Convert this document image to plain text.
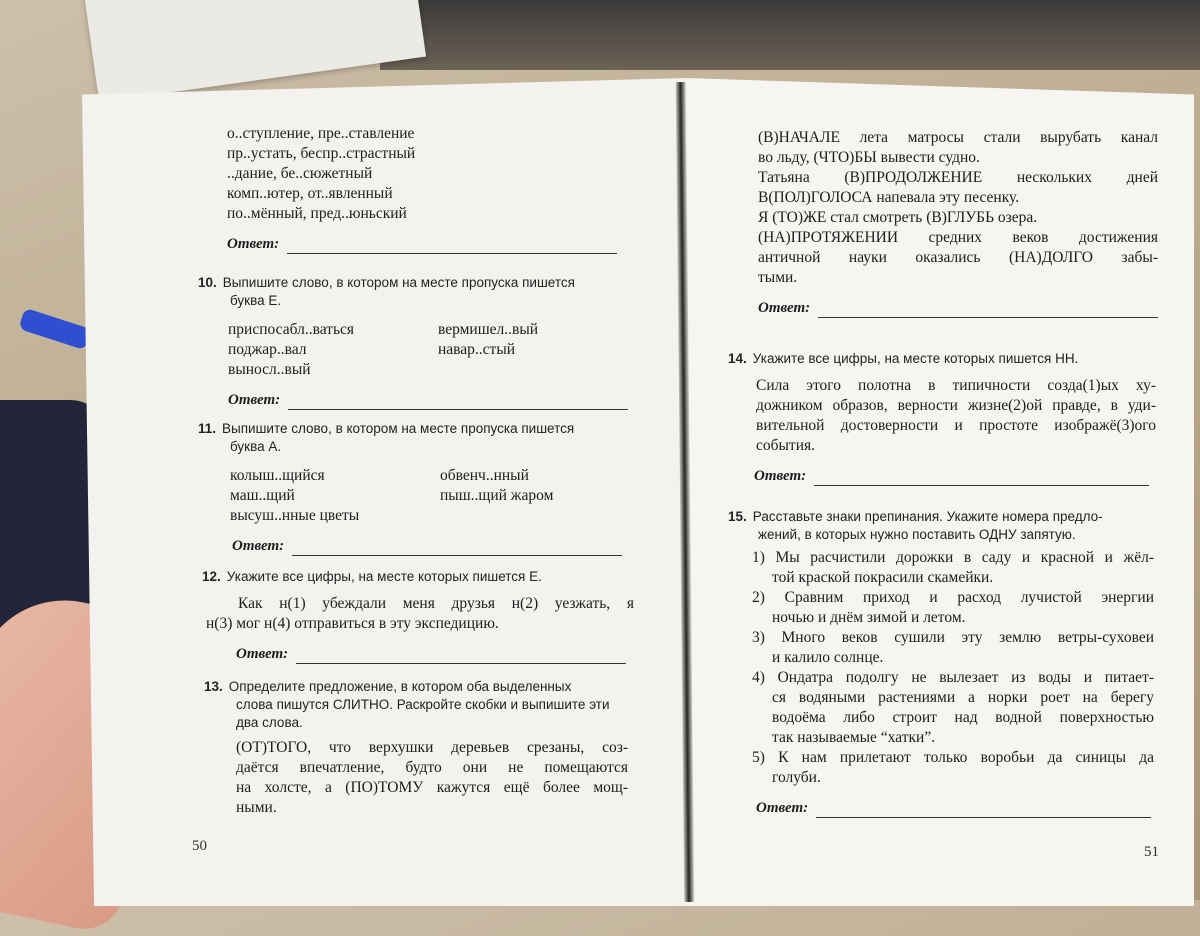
о..ступление, пре..ставление

пр..устать, беспр..страстный

..дание, бе..сюжетный

комп..ютер, от..явленный

по..мённый, пред..юньский

Ответ:

10. Выпишите слово, в котором на месте пропуска пишется

буква Е.

приспосабл..ваться

поджар..вал

выносл..вый

вермишел..вый

навар..стый

Ответ:

11. Выпишите слово, в котором на месте пропуска пишется

буква А.

колыш..щийся

маш..щий

высуш..нные цветы

обвенч..нный

пыш..щий жаром

Ответ:

12. Укажите все цифры, на месте которых пишется Е.

Как н(1) убеждали меня друзья н(2) уезжать, я

н(3) мог н(4) отправиться в эту экспедицию.

Ответ:

13. Определите предложение, в котором оба выделенных

слова пишутся СЛИТНО. Раскройте скобки и выпишите эти

два слова.

(ОТ)ТОГО, что верхушки деревьев срезаны, соз-

даётся впечатление, будто они не помещаются

на холсте, а (ПО)ТОМУ кажутся ещё более мощ-

ными.

50

(В)НАЧАЛЕ лета матросы стали вырубать канал

во льду, (ЧТО)БЫ вывести судно.

Татьяна (В)ПРОДОЛЖЕНИЕ нескольких дней

В(ПОЛ)ГОЛОСА напевала эту песенку.

Я (ТО)ЖЕ стал смотреть (В)ГЛУБЬ озера.

(НА)ПРОТЯЖЕНИИ средних веков достижения

античной науки оказались (НА)ДОЛГО забы-

тыми.

Ответ:

14. Укажите все цифры, на месте которых пишется НН.

Сила этого полотна в типичности созда(1)ых ху-

дожником образов, верности жизне(2)ой правде, в уди-

вительной достоверности и простоте изображё(3)ого

события.

Ответ:

15. Расставьте знаки препинания. Укажите номера предло-

жений, в которых нужно поставить ОДНУ запятую.

1) Мы расчистили дорожки в саду и красной и жёл-

той краской покрасили скамейки.

2) Сравним приход и расход лучистой энергии

ночью и днём зимой и летом.

3) Много веков сушили эту землю ветры-суховеи

и калило солнце.

4) Ондатра подолгу не вылезает из воды и питает-

ся водяными растениями а норки роет на берегу

водоёма либо строит над водной поверхностью

так называемые “хатки”.

5) К нам прилетают только воробьи да синицы да

голуби.

Ответ:
51
